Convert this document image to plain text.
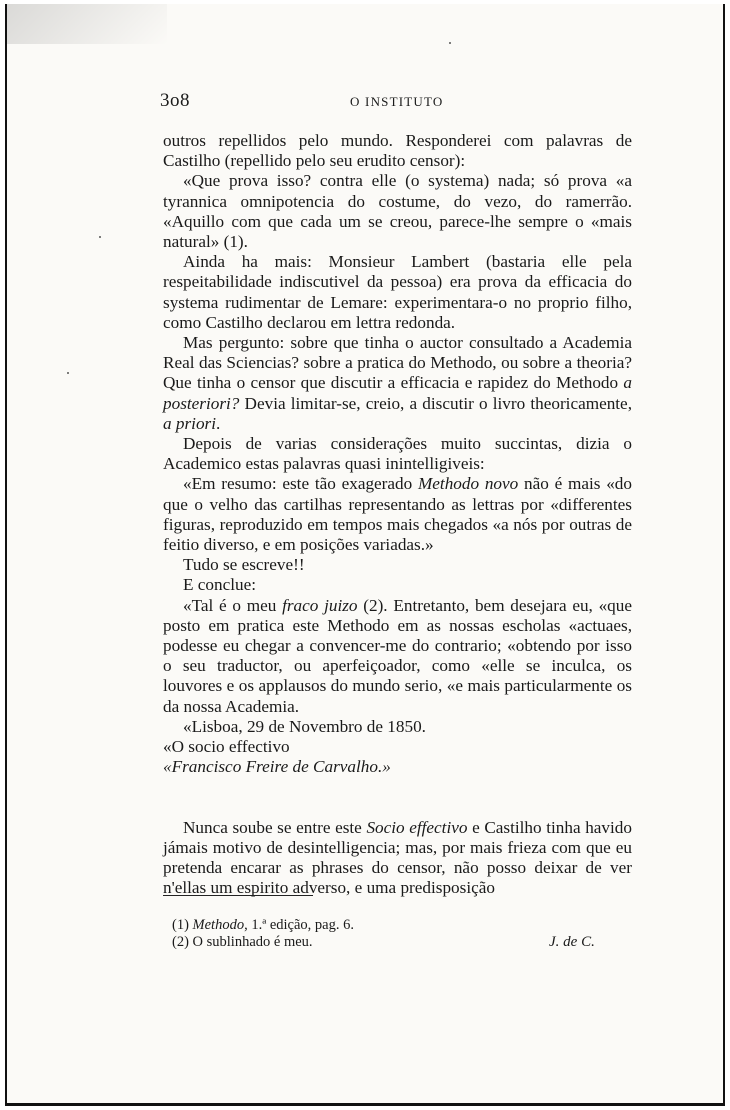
3o8	O INSTITUTO

outros repellidos pelo mundo. Responderei com palavras de Castilho (repellido pelo seu erudito censor):

«Que prova isso? contra elle (o systema) nada; só prova «a tyrannica omnipotencia do costume, do vezo, do ramerrão. «Aquillo com que cada um se creou, parece-lhe sempre o «mais natural» (1).

Ainda ha mais: Monsieur Lambert (bastaria elle pela respeitabilidade indiscutivel da pessoa) era prova da efficacia do systema rudimentar de Lemare: experimentara-o no proprio filho, como Castilho declarou em lettra redonda.

Mas pergunto: sobre que tinha o auctor consultado a Academia Real das Sciencias? sobre a pratica do Methodo, ou sobre a theoria? Que tinha o censor que discutir a efficacia e rapidez do Methodo a posteriori? Devia limitar-se, creio, a discutir o livro theoricamente, a priori.

Depois de varias considerações muito succintas, dizia o Academico estas palavras quasi inintelligiveis:

«Em resumo: este tão exagerado Methodo novo não é mais «do que o velho das cartilhas representando as lettras por «differentes figuras, reproduzido em tempos mais chegados «a nós por outras de feitio diverso, e em posições variadas.»

Tudo se escreve!!

E conclue:

«Tal é o meu fraco juizo (2). Entretanto, bem desejara eu, «que posto em pratica este Methodo em as nossas escholas «actuaes, podesse eu chegar a convencer-me do contrario; «obtendo por isso o seu traductor, ou aperfeiçoador, como «elle se inculca, os louvores e os applausos do mundo serio, «e mais particularmente os da nossa Academia.

«Lisboa, 29 de Novembro de 1850.

«O socio effectivo

«Francisco Freire de Carvalho.»

Nunca soube se entre este Socio effectivo e Castilho tinha havido jámais motivo de desintelligencia; mas, por mais frieza com que eu pretenda encarar as phrases do censor, não posso deixar de ver n'ellas um espirito adverso, e uma predisposição

(1) Methodo, 1.ª edição, pag. 6.

(2) O sublinhado é meu.	J. de C.
